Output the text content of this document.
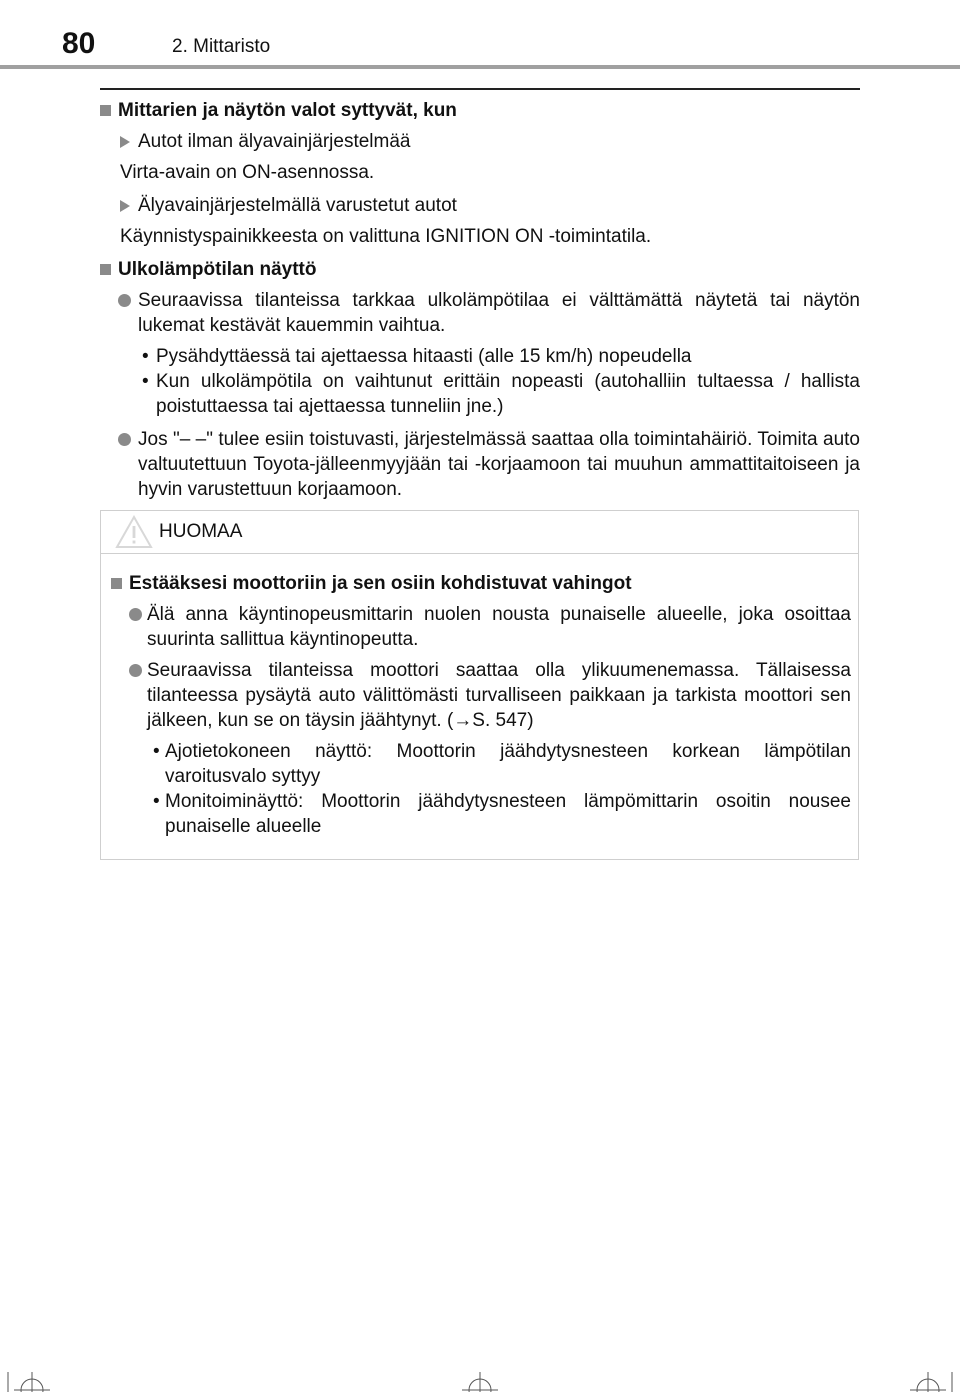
80	2. Mittaristo
Mittarien ja näytön valot syttyvät, kun
Autot ilman älyavainjärjestelmää
Virta-avain on ON-asennossa.
Älyavainjärjestelmällä varustetut autot
Käynnistyspainikkeesta on valittuna IGNITION ON -toimintatila.
Ulkolämpötilan näyttö
Seuraavissa tilanteissa tarkkaa ulkolämpötilaa ei välttämättä näytetä tai näytön lukemat kestävät kauemmin vaihtua.
• Pysähdyttäessä tai ajettaessa hitaasti (alle 15 km/h) nopeudella
• Kun ulkolämpötila on vaihtunut erittäin nopeasti (autohalliin tultaessa / hallista poistuttaessa tai ajettaessa tunneliin jne.)
Jos "– –" tulee esiin toistuvasti, järjestelmässä saattaa olla toimintahäiriö. Toimita auto valtuutettuun Toyota-jälleenmyyjään tai -korjaamoon tai muuhun ammattitaitoiseen ja hyvin varustettuun korjaamoon.
HUOMAA
Estääksesi moottoriin ja sen osiin kohdistuvat vahingot
Älä anna käyntinopeusmittarin nuolen nousta punaiselle alueelle, joka osoittaa suurinta sallittua käyntinopeutta.
Seuraavissa tilanteissa moottori saattaa olla ylikuumenemassa. Tällaisessa tilanteessa pysäytä auto välittömästi turvalliseen paikkaan ja tarkista moottori sen jälkeen, kun se on täysin jäähtynyt. (→S. 547)
• Ajotietokoneen näyttö: Moottorin jäähdytysnesteen korkean lämpötilan varoitusvalo syttyy
• Monitoiminäyttö: Moottorin jäähdytysnesteen lämpömittarin osoitin nousee punaiselle alueelle
